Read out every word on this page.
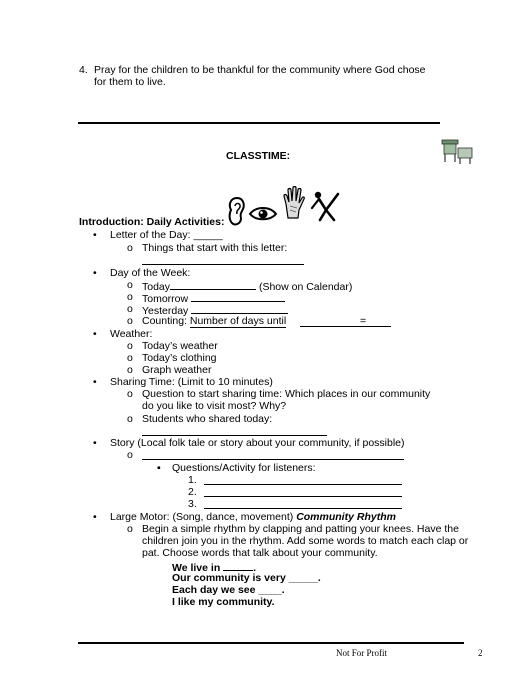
4. Pray for the children to be thankful for the community where God chose
for them to live.
CLASSTIME:
Introduction: Daily Activities:
• Letter of the Day: _____
o Things that start with this letter:
• Day of the Week:
o Today	(Show on Calendar)
o Tomorrow
o Yesterday
o Counting: Number of days until	=
• Weather:
o Today’s weather
o Today’s clothing
o Graph weather
• Sharing Time: (Limit to 10 minutes)
o Question to start sharing time: Which places in our community
do you like to visit most? Why?
o Students who shared today:
• Story (Local folk tale or story about your community, if possible)
o
▪ Questions/Activity for listeners:
1.
2.
3.
• Large Motor: (Song, dance, movement) Community Rhythm
o Begin a simple rhythm by clapping and patting your knees. Have the
children join you in the rhythm. Add some words to match each clap or
pat. Choose words that talk about your community.
We live in	.
Our community is very _____.
Each day we see ____.
I like my community.
Not For Profit	2
